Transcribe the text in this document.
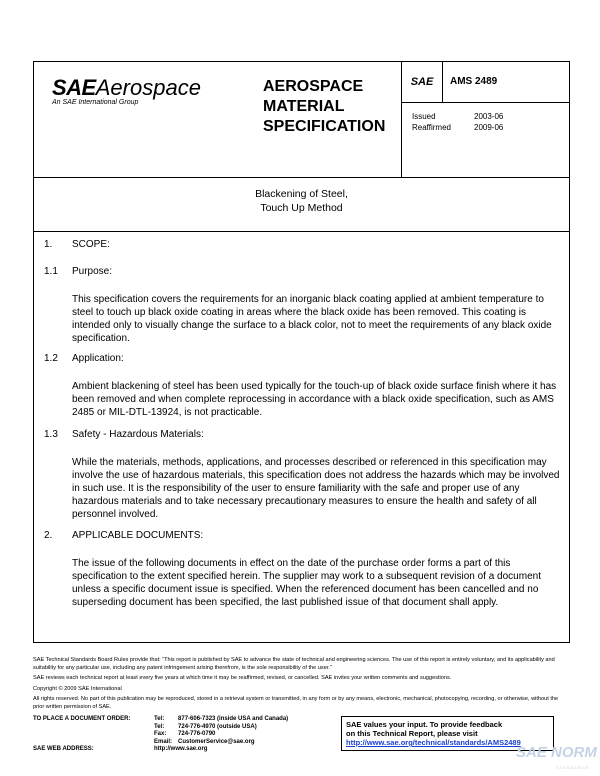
SAEAerospace
An SAE International Group
AEROSPACE
MATERIAL
SPECIFICATION
SAE	AMS 2489
Issued	2003-06
Reaffirmed	2009-06
Blackening of Steel,
Touch Up Method
1. SCOPE:
1.1 Purpose:
This specification covers the requirements for an inorganic black coating applied at ambient temperature to steel to touch up black oxide coating in areas where the black oxide has been removed. This coating is intended only to visually change the surface to a black color, not to meet the requirements of any black oxide specification.
1.2 Application:
Ambient blackening of steel has been used typically for the touch-up of black oxide surface finish where it has been removed and when complete reprocessing in accordance with a black oxide specification, such as AMS 2485 or MIL-DTL-13924, is not practicable.
1.3 Safety - Hazardous Materials:
While the materials, methods, applications, and processes described or referenced in this specification may involve the use of hazardous materials, this specification does not address the hazards which may be involved in such use. It is the responsibility of the user to ensure familiarity with the safe and proper use of any hazardous materials and to take necessary precautionary measures to ensure the health and safety of all personnel involved.
2. APPLICABLE DOCUMENTS:
The issue of the following documents in effect on the date of the purchase order forms a part of this specification to the extent specified herein. The supplier may work to a subsequent revision of a document unless a specific document issue is specified. When the referenced document has been cancelled and no superseding document has been specified, the last published issue of that document shall apply.

SAE Technical Standards Board Rules provide that: “This report is published by SAE to advance the state of technical and engineering sciences. The use of this report is entirely voluntary, and its applicability and suitability for any particular use, including any patent infringement arising therefrom, is the sole responsibility of the user.”

SAE reviews each technical report at least every five years at which time it may be reaffirmed, revised, or cancelled. SAE invites your written comments and suggestions.

Copyright © 2009 SAE International

All rights reserved. No part of this publication may be reproduced, stored in a retrieval system or transmitted, in any form or by any means, electronic, mechanical, photocopying, recording, or otherwise, without the prior written permission of SAE.

TO PLACE A DOCUMENT ORDER:	Tel:	877-606-7323 (inside USA and Canada)
	Tel:	724-776-4970 (outside USA)
	Fax:	724-776-0790
	Email:	CustomerService@sae.org
SAE WEB ADDRESS:	http://www.sae.org	
SAE values your input. To provide feedback
on this Technical Report, please visit
http://www.sae.org/technical/standards/AMS2489
SAE NORM
STANDARDS
